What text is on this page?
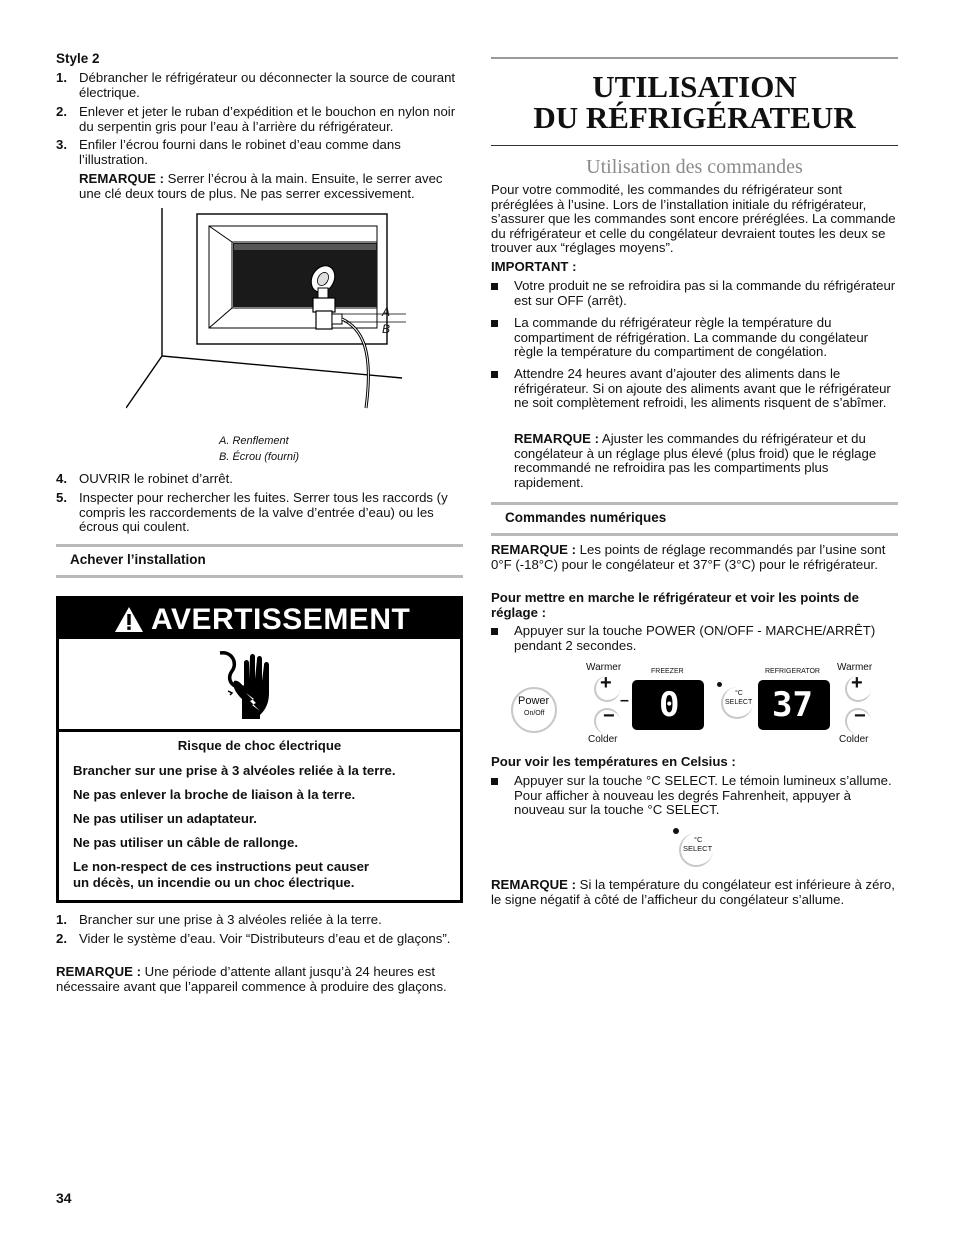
Style 2

1. Débrancher le réfrigérateur ou déconnecter la source de courant électrique.
2. Enlever et jeter le ruban d’expédition et le bouchon en nylon noir du serpentin gris pour l’eau à l’arrière du réfrigérateur.
3. Enfiler l’écrou fourni dans le robinet d’eau comme dans l’illustration.

REMARQUE : Serrer l’écrou à la main. Ensuite, le serrer avec une clé deux tours de plus. Ne pas serrer excessivement.

A
B
A. Renflement
B. Écrou (fourni)
4. OUVRIR le robinet d’arrêt.
5. Inspecter pour rechercher les fuites. Serrer tous les raccords (y compris les raccordements de la valve d’entrée d’eau) ou les écrous qui coulent.
Achever l’installation
AVERTISSEMENT

Risque de choc électrique

Brancher sur une prise à 3 alvéoles reliée à la terre.

Ne pas enlever la broche de liaison à la terre.

Ne pas utiliser un adaptateur.

Ne pas utiliser un câble de rallonge.

Le non-respect de ces instructions peut causer

un décès, un incendie ou un choc électrique.

1. Brancher sur une prise à 3 alvéoles reliée à la terre.
2. Vider le système d’eau. Voir “Distributeurs d’eau et de glaçons”.

REMARQUE : Une période d’attente allant jusqu’à 24 heures est nécessaire avant que l’appareil commence à produire des glaçons.

34

UTILISATION

DU RÉFRIGÉRATEUR

Utilisation des commandes

Pour votre commodité, les commandes du réfrigérateur sont préréglées à l’usine. Lors de l’installation initiale du réfrigérateur, s’assurer que les commandes sont encore préréglées. La commande du réfrigérateur et celle du congélateur devraient toutes les deux se trouver aux “réglages moyens”.

IMPORTANT :

Votre produit ne se refroidira pas si la commande du réfrigérateur est sur OFF (arrêt).
La commande du réfrigérateur règle la température du compartiment de réfrigération. La commande du congélateur règle la température du compartiment de congélation.
Attendre 24 heures avant d’ajouter des aliments dans le réfrigérateur. Si on ajoute des aliments avant que le réfrigérateur ne soit complètement refroidi, les aliments risquent de s’abîmer.

REMARQUE : Ajuster les commandes du réfrigérateur et du congélateur à un réglage plus élevé (plus froid) que le réglage recommandé ne refroidira pas les compartiments plus rapidement.

Commandes numériques

REMARQUE : Les points de réglage recommandés par l’usine sont 0°F (-18°C) pour le congélateur et 37°F (3°C) pour le réfrigérateur.

Pour mettre en marche le réfrigérateur et voir les points de réglage :

Appuyer sur la touche POWER (ON/OFF - MARCHE/ARRÊT) pendant 2 secondes.
Power
On/Off
Warmer
+
−
Colder
–
FREEZER
0	°C
SELECT
REFRIGERATOR
37
Warmer
+
−
Colder

Pour voir les températures en Celsius :

Appuyer sur la touche °C SELECT. Le témoin lumineux s’allume. Pour afficher à nouveau les degrés Fahrenheit, appuyer à nouveau sur la touche °C SELECT.
°C
SELECT

REMARQUE : Si la température du congélateur est inférieure à zéro, le signe négatif à côté de l’afficheur du congélateur s’allume.
